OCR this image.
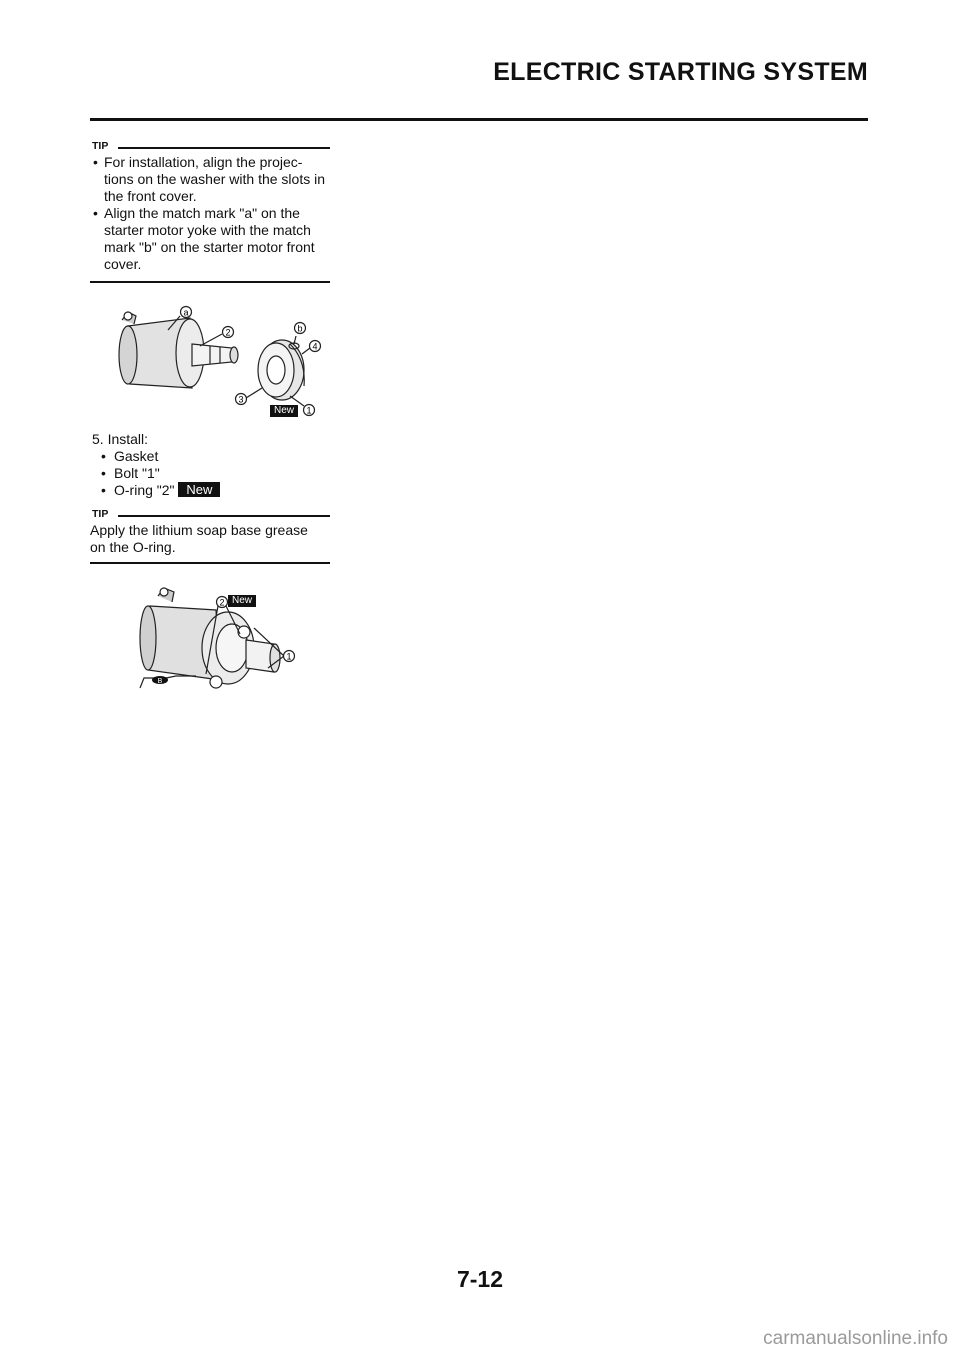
ELECTRIC STARTING SYSTEM
TIP
• For installation, align the projec-
tions on the washer with the slots in
the front cover.
Align the match mark "a" on the
starter motor yoke with the match
mark "b" on the starter motor front
cover.
•
a
2	b
4
3
1
New
5. Install:
• Gasket
• Bolt "1"
• O-ring "2" New
TIP
Apply the lithium soap base grease
on the O-ring.
B
2
1
New
7-12
carmanualsonline.info
